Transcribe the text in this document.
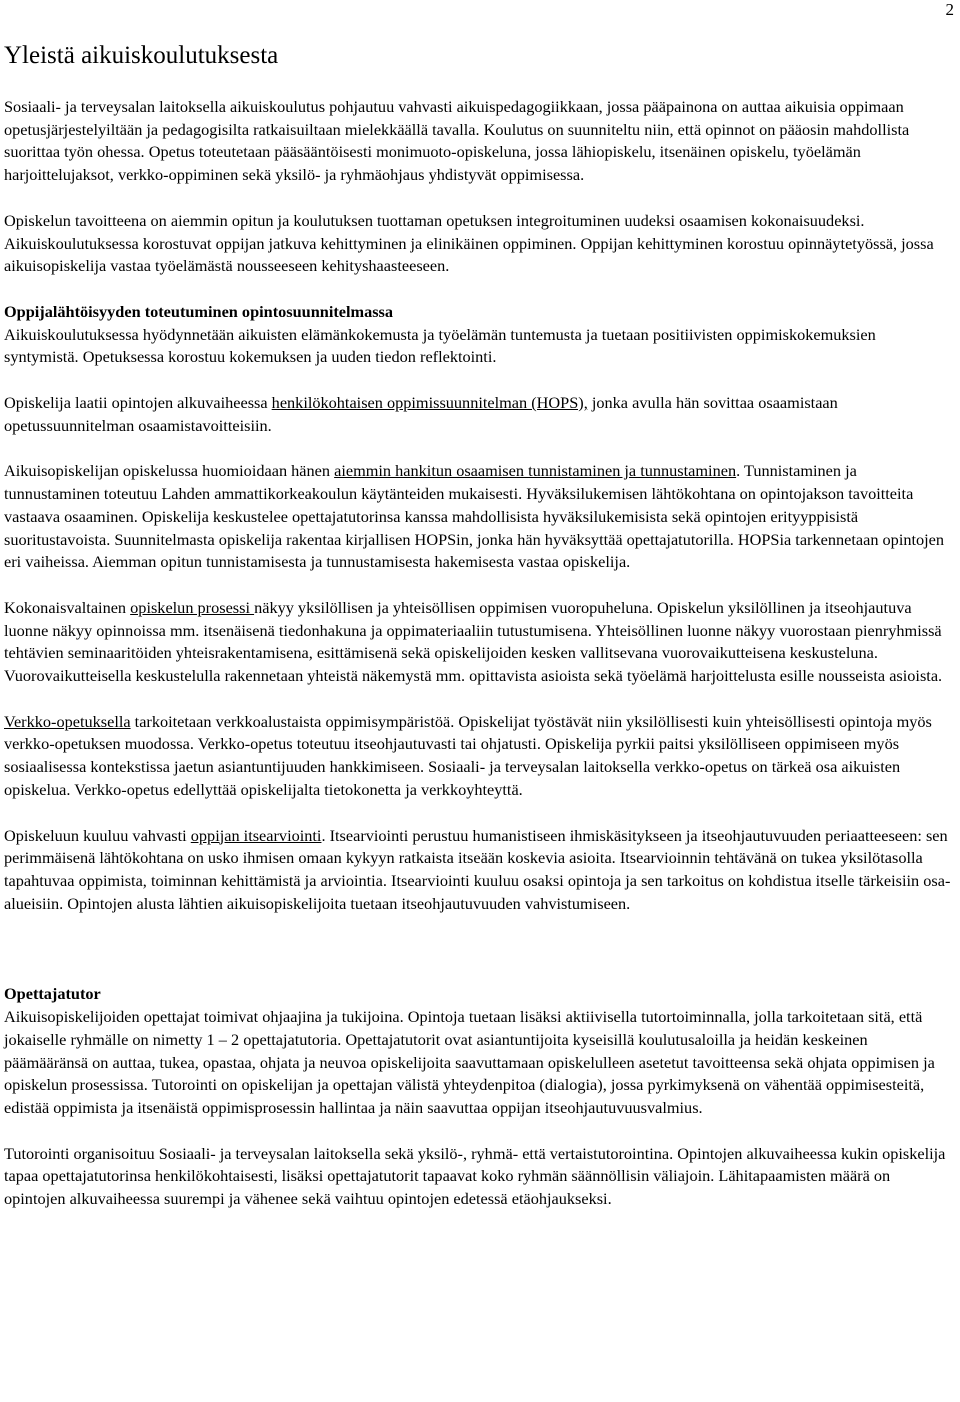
2
Yleistä aikuiskoulutuksesta

Sosiaali- ja terveysalan laitoksella aikuiskoulutus pohjautuu vahvasti aikuispedagogiikkaan, jossa pääpainona on auttaa aikuisia oppimaan opetusjärjestelyiltään ja pedagogisilta ratkaisuiltaan mielekkäällä tavalla. Koulutus on suunniteltu niin, että opinnot on pääosin mahdollista suorittaa työn ohessa. Opetus toteutetaan pääsääntöisesti monimuoto-opiskeluna, jossa lähiopiskelu, itsenäinen opiskelu, työelämän harjoittelujaksot, verkko-oppiminen sekä yksilö- ja ryhmäohjaus yhdistyvät oppimisessa.

Opiskelun tavoitteena on aiemmin opitun ja koulutuksen tuottaman opetuksen integroituminen uudeksi osaamisen kokonaisuudeksi. Aikuiskoulutuksessa korostuvat oppijan jatkuva kehittyminen ja elinikäinen oppiminen. Oppijan kehittyminen korostuu opinnäytetyössä, jossa aikuisopiskelija vastaa työelämästä nousseeseen kehityshaasteeseen.

Oppijalähtöisyyden toteutuminen opintosuunnitelmassa
Aikuiskoulutuksessa hyödynnetään aikuisten elämänkokemusta ja työelämän tuntemusta ja tuetaan positiivisten oppimiskokemuksien syntymistä. Opetuksessa korostuu kokemuksen ja uuden tiedon reflektointi.

Opiskelija laatii opintojen alkuvaiheessa henkilökohtaisen oppimissuunnitelman (HOPS), jonka avulla hän sovittaa osaamistaan opetussuunnitelman osaamistavoitteisiin.

Aikuisopiskelijan opiskelussa huomioidaan hänen aiemmin hankitun osaamisen tunnistaminen ja tunnustaminen. Tunnistaminen ja tunnustaminen toteutuu Lahden ammattikorkeakoulun käytänteiden mukaisesti. Hyväksilukemisen lähtökohtana on opintojakson tavoitteita vastaava osaaminen. Opiskelija keskustelee opettajatutorinsa kanssa mahdollisista hyväksilukemisista sekä opintojen erityyppisistä suoritustavoista. Suunnitelmasta opiskelija rakentaa kirjallisen HOPSin, jonka hän hyväksyttää opettajatutorilla. HOPSia tarkennetaan opintojen eri vaiheissa. Aiemman opitun tunnistamisesta ja tunnustamisesta hakemisesta vastaa opiskelija.

Kokonaisvaltainen opiskelun prosessi näkyy yksilöllisen ja yhteisöllisen oppimisen vuoropuheluna. Opiskelun yksilöllinen ja itseohjautuva luonne näkyy opinnoissa mm. itsenäisenä tiedonhakuna ja oppimateriaaliin tutustumisena. Yhteisöllinen luonne näkyy vuorostaan pienryhmissä tehtävien seminaaritöiden yhteisrakentamisena, esittämisenä sekä opiskelijoiden kesken vallitsevana vuorovaikutteisena keskusteluna. Vuorovaikutteisella keskustelulla rakennetaan yhteistä näkemystä mm. opittavista asioista sekä työelämä harjoittelusta esille nousseista asioista.

Verkko-opetuksella tarkoitetaan verkkoalustaista oppimisympäristöä. Opiskelijat työstävät niin yksilöllisesti kuin yhteisöllisesti opintoja myös verkko-opetuksen muodossa. Verkko-opetus toteutuu itseohjautuvasti tai ohjatusti. Opiskelija pyrkii paitsi yksilölliseen oppimiseen myös sosiaalisessa kontekstissa jaetun asiantuntijuuden hankkimiseen. Sosiaali- ja terveysalan laitoksella verkko-opetus on tärkeä osa aikuisten opiskelua. Verkko-opetus edellyttää opiskelijalta tietokonetta ja verkkoyhteyttä.

Opiskeluun kuuluu vahvasti oppijan itsearviointi. Itsearviointi perustuu humanistiseen ihmiskäsitykseen ja itseohjautuvuuden periaatteeseen: sen perimmäisenä lähtökohtana on usko ihmisen omaan kykyyn ratkaista itseään koskevia asioita. Itsearvioinnin tehtävänä on tukea yksilötasolla tapahtuvaa oppimista, toiminnan kehittämistä ja arviointia. Itsearviointi kuuluu osaksi opintoja ja sen tarkoitus on kohdistua itselle tärkeisiin osa-alueisiin. Opintojen alusta lähtien aikuisopiskelijoita tuetaan itseohjautuvuuden vahvistumiseen.

Opettajatutor
Aikuisopiskelijoiden opettajat toimivat ohjaajina ja tukijoina. Opintoja tuetaan lisäksi aktiivisella tutortoiminnalla, jolla tarkoitetaan sitä, että jokaiselle ryhmälle on nimetty 1 – 2 opettajatutoria. Opettajatutorit ovat asiantuntijoita kyseisillä koulutusaloilla ja heidän keskeinen päämääränsä on auttaa, tukea, opastaa, ohjata ja neuvoa opiskelijoita saavuttamaan opiskelulleen asetetut tavoitteensa sekä ohjata oppimisen ja opiskelun prosessissa. Tutorointi on opiskelijan ja opettajan välistä yhteydenpitoa (dialogia), jossa pyrkimyksenä on vähentää oppimisesteitä, edistää oppimista ja itsenäistä oppimisprosessin hallintaa ja näin saavuttaa oppijan itseohjautuvuusvalmius.

Tutorointi organisoituu Sosiaali- ja terveysalan laitoksella sekä yksilö-, ryhmä- että vertaistutorointina. Opintojen alkuvaiheessa kukin opiskelija tapaa opettajatutorinsa henkilökohtaisesti, lisäksi opettajatutorit tapaavat koko ryhmän säännöllisin väliajoin. Lähitapaamisten määrä on opintojen alkuvaiheessa suurempi ja vähenee sekä vaihtuu opintojen edetessä etäohjaukseksi.
